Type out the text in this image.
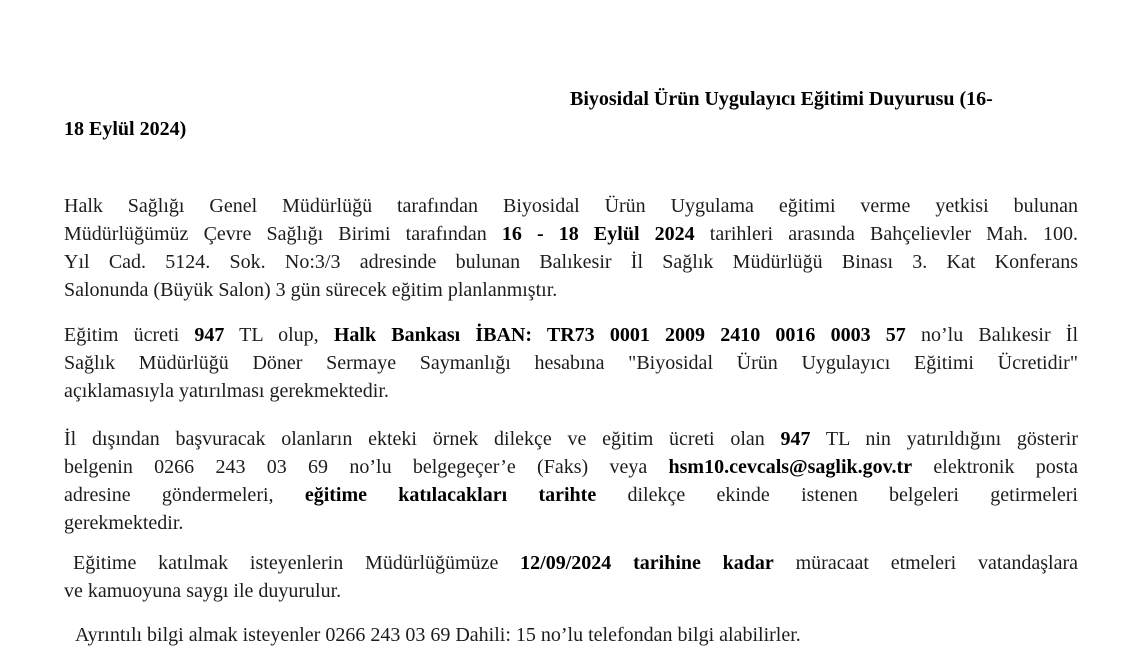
Biyosidal Ürün Uygulayıcı Eğitimi Duyurusu (16-
18 Eylül 2024)
Halk Sağlığı Genel Müdürlüğü tarafından Biyosidal Ürün Uygulama eğitimi verme yetkisi bulunan
Müdürlüğümüz Çevre Sağlığı Birimi tarafından 16 - 18 Eylül 2024 tarihleri arasında Bahçelievler Mah. 100.
Yıl Cad. 5124. Sok. No:3/3 adresinde bulunan Balıkesir İl Sağlık Müdürlüğü Binası 3. Kat Konferans
Salonunda (Büyük Salon) 3 gün sürecek eğitim planlanmıştır.
Eğitim ücreti 947 TL olup, Halk Bankası İBAN: TR73 0001 2009 2410 0016 0003 57 no’lu Balıkesir İl
Sağlık Müdürlüğü Döner Sermaye Saymanlığı hesabına "Biyosidal Ürün Uygulayıcı Eğitimi Ücretidir"
açıklamasıyla yatırılması gerekmektedir.
İl dışından başvuracak olanların ekteki örnek dilekçe ve eğitim ücreti olan 947 TL nin yatırıldığını gösterir
belgenin 0266 243 03 69 no’lu belgegeçer’e (Faks) veya hsm10.cevcals@saglik.gov.tr elektronik posta
adresine göndermeleri, eğitime katılacakları tarihte dilekçe ekinde istenen belgeleri getirmeleri
gerekmektedir.
Eğitime katılmak isteyenlerin Müdürlüğümüze 12/09/2024 tarihine kadar müracaat etmeleri vatandaşlara
ve kamuoyuna saygı ile duyurulur.
Ayrıntılı bilgi almak isteyenler 0266 243 03 69 Dahili: 15 no’lu telefondan bilgi alabilirler.
